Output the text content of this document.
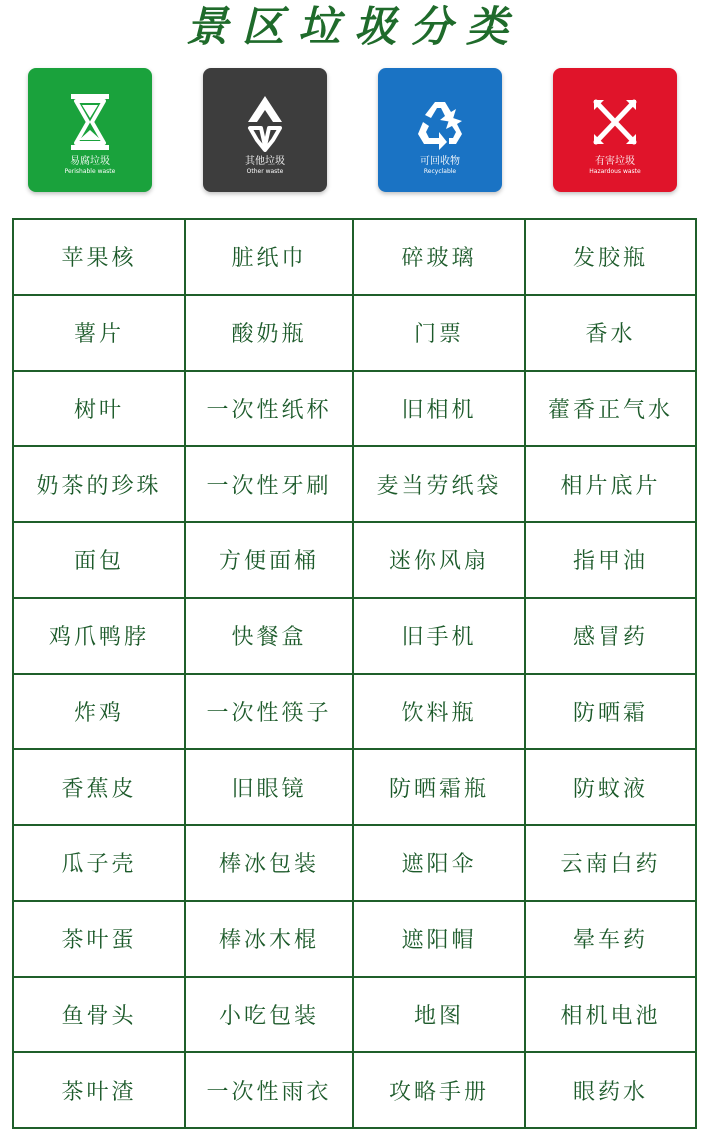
景区垃圾分类
易腐垃圾
Perishable waste
其他垃圾
Other waste
可回收物
Recyclable
有害垃圾
Hazardous waste
苹果核	脏纸巾	碎玻璃	发胶瓶
薯片	酸奶瓶	门票	香水
树叶	一次性纸杯	旧相机	藿香正气水
奶茶的珍珠	一次性牙刷	麦当劳纸袋	相片底片
面包	方便面桶	迷你风扇	指甲油
鸡爪鸭脖	快餐盒	旧手机	感冒药
炸鸡	一次性筷子	饮料瓶	防晒霜
香蕉皮	旧眼镜	防晒霜瓶	防蚊液
瓜子壳	棒冰包装	遮阳伞	云南白药
茶叶蛋	棒冰木棍	遮阳帽	晕车药
鱼骨头	小吃包装	地图	相机电池
茶叶渣	一次性雨衣	攻略手册	眼药水
